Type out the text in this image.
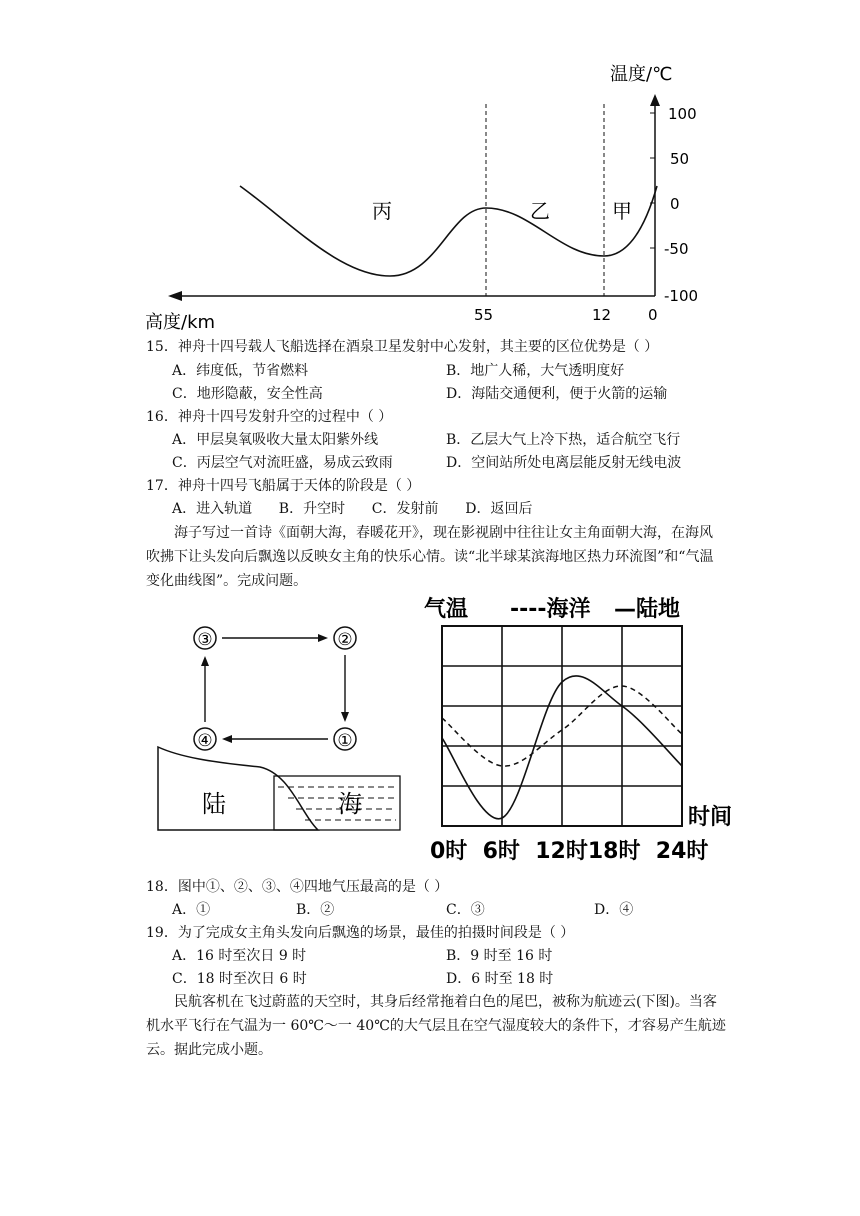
100
50
0
-50
-100
温度/℃
高度/km	55	12 0
丙	乙	甲
15．神舟十四号载人飞船选择在酒泉卫星发射中心发射，其主要的区位优势是（ ）
A．纬度低，节省燃料	B．地广人稀，大气透明度好
C．地形隐蔽，安全性高	D．海陆交通便利，便于火箭的运输
16．神舟十四号发射升空的过程中（ ）
A．甲层臭氧吸收大量太阳紫外线	B．乙层大气上冷下热，适合航空飞行
C．丙层空气对流旺盛，易成云致雨	D．空间站所处电离层能反射无线电波
17．神舟十四号飞船属于天体的阶段是（ ）
A．进入轨道      B．升空时      C．发射前      D．返回后
海子写过一首诗《面朝大海，春暖花开》，现在影视剧中往往让女主角面朝大海，在海风吹拂下让头发向后飘逸以反映女主角的快乐心情。读“北半球某滨海地区热力环流图”和“气温变化曲线图”。完成问题。
③	②
④	①
陆	海
气温 ----海洋 —陆地
时间
0时  6时  12时18时  24时
18．图中①、②、③、④四地气压最高的是（ ）
A．①	B．②	C．③	D．④
19．为了完成女主角头发向后飘逸的场景，最佳的拍摄时间段是（ ）
A．16 时至次日 9 时	B．9 时至 16 时
C．18 时至次日 6 时	D．6 时至 18 时
民航客机在飞过蔚蓝的天空时，其身后经常拖着白色的尾巴，被称为航迹云(下图)。当客机水平飞行在气温为一 60℃～一 40℃的大气层且在空气湿度较大的条件下，才容易产生航迹云。据此完成小题。
